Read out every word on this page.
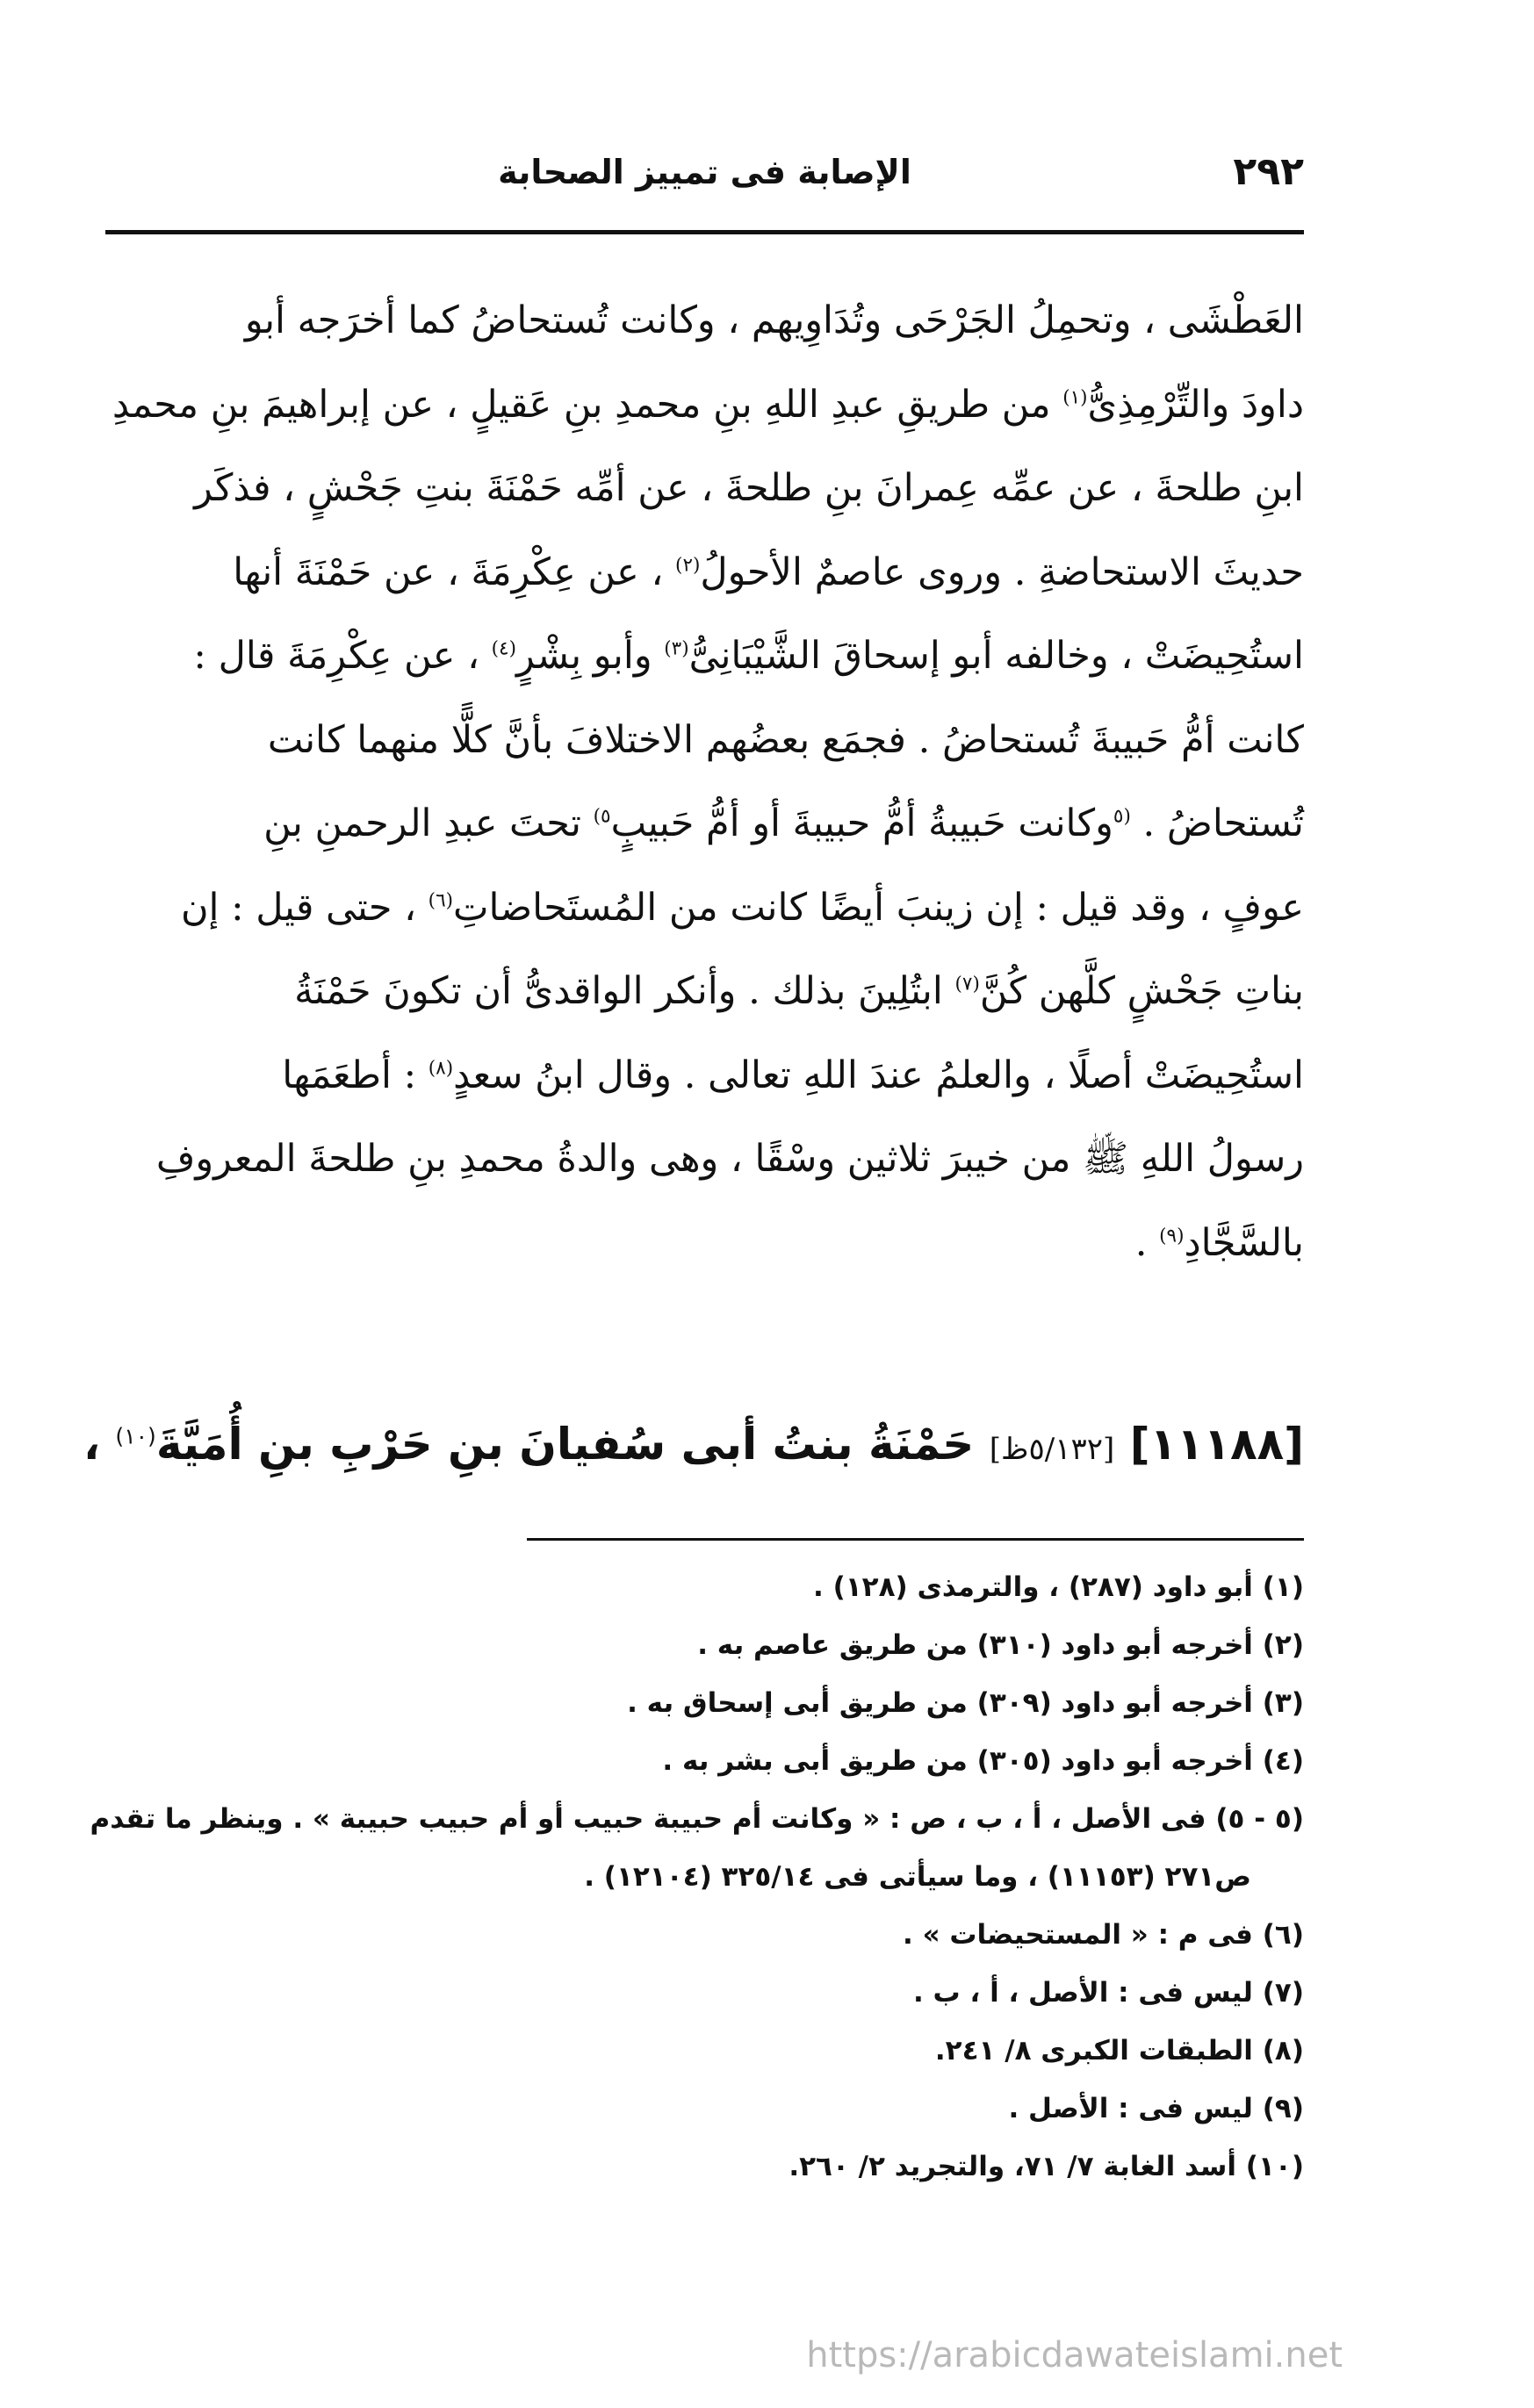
٢٩٢
الإصابة فى تمييز الصحابة

العَطْشَى ، وتحمِلُ الجَرْحَى وتُدَاوِيهم ، وكانت تُستحاضُ كما أخرَجه أبو

داودَ والتِّرْمِذِىُّ$^{(١)}$ من طريقِ عبدِ اللهِ بنِ محمدِ بنِ عَقيلٍ ، عن إبراهيمَ بنِ محمدِ

ابنِ طلحةَ ، عن عمِّه عِمرانَ بنِ طلحةَ ، عن أمِّه حَمْنَةَ بنتِ جَحْشٍ ، فذكَر

حديثَ الاستحاضةِ . وروى عاصمٌ الأحولُ$^{(٢)}$ ، عن عِكْرِمَةَ ، عن حَمْنَةَ أنها

استُحِيضَتْ ، وخالفه أبو إسحاقَ الشَّيْبَانِىُّ$^{(٣)}$ وأبو بِشْرٍ$^{(٤)}$ ، عن عِكْرِمَةَ قال :

كانت أمُّ حَبيبةَ تُستحاضُ . فجمَع بعضُهم الاختلافَ بأنَّ كلًّا منهما كانت

تُستحاضُ . $^{(٥}$وكانت حَبيبةُ أمُّ حبيبةَ أو أمُّ حَبيبٍ$^{٥)}$ تحتَ عبدِ الرحمنِ بنِ

عوفٍ ، وقد قيل : إن زينبَ أيضًا كانت من المُستَحاضاتِ$^{(٦)}$ ، حتى قيل : إن

بناتِ جَحْشٍ كلَّهن كُنَّ$^{(٧)}$ ابتُلِينَ بذلك . وأنكر الواقدىُّ أن تكونَ حَمْنَةُ

استُحِيضَتْ أصلًا ، والعلمُ عندَ اللهِ تعالى . وقال ابنُ سعدٍ$^{(٨)}$ : أطعَمَها

رسولُ اللهِ ﷺ من خيبرَ ثلاثين وسْقًا ، وهى والدةُ محمدِ بنِ طلحةَ المعروفِ

بالسَّجَّادِ$^{(٩)}$ .

[١١١٨٨] [٥/١٣٢ظ] حَمْنَةُ بنتُ أبى سُفيانَ بنِ حَرْبِ بنِ أُمَيَّةَ$^{(١٠)}$ ،

(١) أبو داود (٢٨٧) ، والترمذى (١٢٨) .

(٢) أخرجه أبو داود (٣١٠) من طريق عاصم به .

(٣) أخرجه أبو داود (٣٠٩) من طريق أبى إسحاق به .

(٤) أخرجه أبو داود (٣٠٥) من طريق أبى بشر به .

(٥ - ٥) فى الأصل ، أ ، ب ، ص : « وكانت أم حبيبة حبيب أو أم حبيب حبيبة » . وينظر ما تقدم

ص٢٧١ (١١١٥٣) ، وما سيأتى فى ٣٢٥/١٤ (١٢١٠٤) .

(٦) فى م : « المستحيضات » .

(٧) ليس فى : الأصل ، أ ، ب .

(٨) الطبقات الكبرى ٨/ ٢٤١.

(٩) ليس فى : الأصل .

(١٠) أسد الغابة ٧/ ٧١، والتجريد ٢/ ٢٦٠.

https://arabicdawateislami.net
